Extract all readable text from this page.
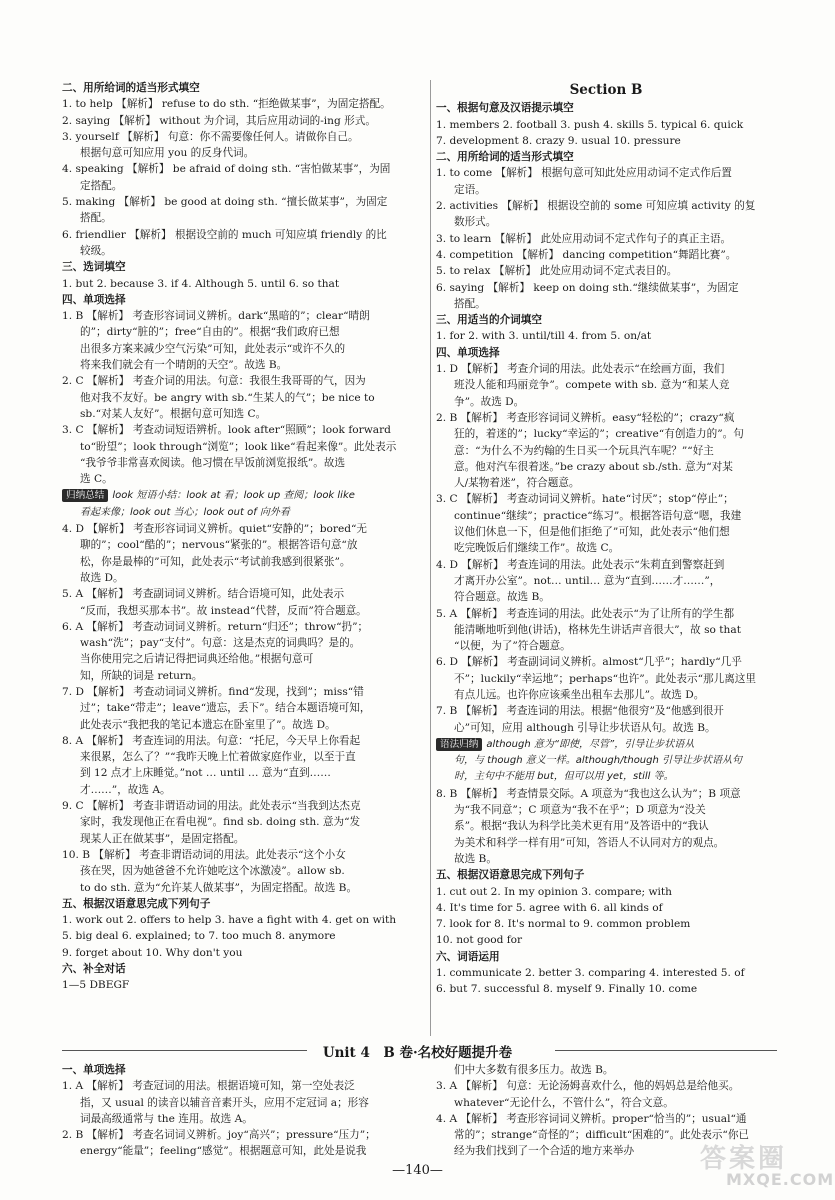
二、用所给词的适当形式填空
1. to help 【解析】 refuse to do sth. “拒绝做某事”，为固定搭配。
2. saying 【解析】 without 为介词，其后应用动词的-ing 形式。
3. yourself 【解析】 句意：你不需要像任何人。请做你自己。
根据句意可知应用 you 的反身代词。
4. speaking 【解析】 be afraid of doing sth. “害怕做某事”，为固
定搭配。
5. making 【解析】 be good at doing sth. “擅长做某事”，为固定
搭配。
6. friendlier 【解析】 根据设空前的 much 可知应填 friendly 的比
较级。
三、选词填空
1. but 2. because 3. if 4. Although 5. until 6. so that
四、单项选择
1. B 【解析】 考查形容词词义辨析。dark“黑暗的”；clear“晴朗
的”；dirty“脏的”；free“自由的”。根据“我们政府已想
出很多方案来减少空气污染”可知，此处表示“或许不久的
将来我们就会有一个晴朗的天空”。故选 B。
2. C 【解析】 考查介词的用法。句意：我很生我哥哥的气，因为
他对我不友好。be angry with sb.“生某人的气”；be nice to
sb.“对某人友好”。根据句意可知选 C。
3. C 【解析】 考查动词短语辨析。look after“照顾”；look forward
to“盼望”；look through“浏览”；look like“看起来像”。此处表示
“我爷爷非常喜欢阅读。他习惯在早饭前浏览报纸”。故选
选 C。
归纳总结 look 短语小结：look at 看；look up 查阅；look like
看起来像；look out 当心；look out of 向外看
4. D 【解析】 考查形容词词义辨析。quiet“安静的”；bored“无
聊的”；cool“酷的”；nervous“紧张的”。根据答语句意“放
松，你是最棒的”可知，此处表示“考试前我感到很紧张”。
故选 D。
5. A 【解析】 考查副词词义辨析。结合语境可知，此处表示
“反而，我想买那本书”。故 instead“代替，反而”符合题意。
6. A 【解析】 考查动词词义辨析。return“归还”；throw“扔”；
wash“洗”；pay“支付”。句意：这是杰克的词典吗？是的。
当你使用完之后请记得把词典还给他。”根据句意可
知，所缺的词是 return。
7. D 【解析】 考查动词词义辨析。find“发现，找到”；miss“错
过”；take“带走”；leave“遗忘，丢下”。结合本题语境可知，
此处表示“我把我的笔记本遗忘在卧室里了”。故选 D。
8. A 【解析】 考查连词的用法。句意：“托尼，今天早上你看起
来很累，怎么了？”“我昨天晚上忙着做家庭作业，以至于直
到 12 点才上床睡觉。”not … until … 意为“直到……
才……”，故选 A。
9. C 【解析】 考查非谓语动词的用法。此处表示“当我到达杰克
家时，我发现他正在看电视”。find sb. doing sth. 意为“发
现某人正在做某事”，是固定搭配。
10. B 【解析】 考查非谓语动词的用法。此处表示“这个小女
孩在哭，因为她爸爸不允许她吃这个冰激凌”。allow sb.
to do sth. 意为“允许某人做某事”，为固定搭配。故选 B。
五、根据汉语意思完成下列句子
1. work out 2. offers to help 3. have a fight with 4. get on with
5. big deal 6. explained; to 7. too much 8. anymore
9. forget about 10. Why don't you
六、补全对话
1—5 DBEGF
Section B
一、根据句意及汉语提示填空
1. members 2. football 3. push 4. skills 5. typical 6. quick
7. development 8. crazy 9. usual 10. pressure
二、用所给词的适当形式填空
1. to come 【解析】 根据句意可知此处应用动词不定式作后置
定语。
2. activities 【解析】 根据设空前的 some 可知应填 activity 的复
数形式。
3. to learn 【解析】 此处应用动词不定式作句子的真正主语。
4. competition 【解析】 dancing competition“舞蹈比赛”。
5. to relax 【解析】 此处应用动词不定式表目的。
6. saying 【解析】 keep on doing sth.“继续做某事”，为固定
搭配。
三、用适当的介词填空
1. for 2. with 3. until/till 4. from 5. on/at
四、单项选择
1. D 【解析】 考查介词的用法。此处表示“在绘画方面，我们
班没人能和玛丽竞争”。compete with sb. 意为“和某人竞
争”。故选 D。
2. B 【解析】 考查形容词词义辨析。easy“轻松的”；crazy“疯
狂的，着迷的”；lucky“幸运的”；creative“有创造力的”。句
意：“为什么不为约翰的生日买一个玩具汽车呢？”“好主
意。他对汽车很着迷。”be crazy about sb./sth. 意为“对某
人/某物着迷”，符合题意。
3. C 【解析】 考查动词词义辨析。hate“讨厌”；stop“停止”；
continue“继续”；practice“练习”。根据答语句意“嗯，我建
议他们休息一下，但是他们拒绝了”可知，此处表示“他们想
吃完晚饭后们继续工作”。故选 C。
4. D 【解析】 考查连词的用法。此处表示“朱莉直到警察赶到
才离开办公室”。not… until… 意为“直到……才……”，
符合题意。故选 B。
5. A 【解析】 考查连词的用法。此处表示“为了让所有的学生都
能清晰地听到他(讲话)，格林先生讲话声音很大”，故 so that
“以便，为了”符合题意。
6. D 【解析】 考查副词词义辨析。almost“几乎”；hardly“几乎
不”；luckily“幸运地”；perhaps“也许”。此处表示“那儿离这里
有点儿远。也许你应该乘坐出租车去那儿”。故选 D。
7. B 【解析】 考查连词的用法。根据“他很穷”及“他感到很开
心”可知，应用 although 引导让步状语从句。故选 B。
语法归纳 although 意为“即使，尽管”，引导让步状语从
句，与 though 意义一样。although/though 引导让步状语从句
时，主句中不能用 but，但可以用 yet，still 等。
8. B 【解析】 考查情景交际。A 项意为“我也这么认为”；B 项意
为“我不同意”；C 项意为“我不在乎”；D 项意为“没关
系”。根据“我认为科学比美术更有用”及答语中的“我认
为美术和科学一样有用”可知，答语人不认同对方的观点。
故选 B。
五、根据汉语意思完成下列句子
1. cut out 2. In my opinion 3. compare; with
4. It's time for 5. agree with 6. all kinds of
7. look for 8. It's normal to 9. common problem
10. not good for
六、词语运用
1. communicate 2. better 3. comparing 4. interested 5. of
6. but 7. successful 8. myself 9. Finally 10. come
Unit 4　B 卷·名校好题提升卷
一、单项选择
1. A 【解析】 考查冠词的用法。根据语境可知，第一空处表泛
指，又 usual 的读音以辅音音素开头，应用不定冠词 a；形容
词最高级通常与 the 连用。故选 A。
2. B 【解析】 考查名词词义辨析。joy“高兴”；pressure“压力”；
energy“能量”；feeling“感觉”。根据题意可知，此处是说我
们中大多数有很多压力。故选 B。
3. A 【解析】 句意：无论汤姆喜欢什么，他的妈妈总是给他买。
whatever“无论什么，不管什么”，符合文意。
4. A 【解析】 考查形容词词义辨析。proper“恰当的”；usual“通
常的”；strange“奇怪的”；difficult“困难的”。此处表示“你已
经为我们找到了一个合适的地方来举办
—140—	答案圈
MXQE.COM
